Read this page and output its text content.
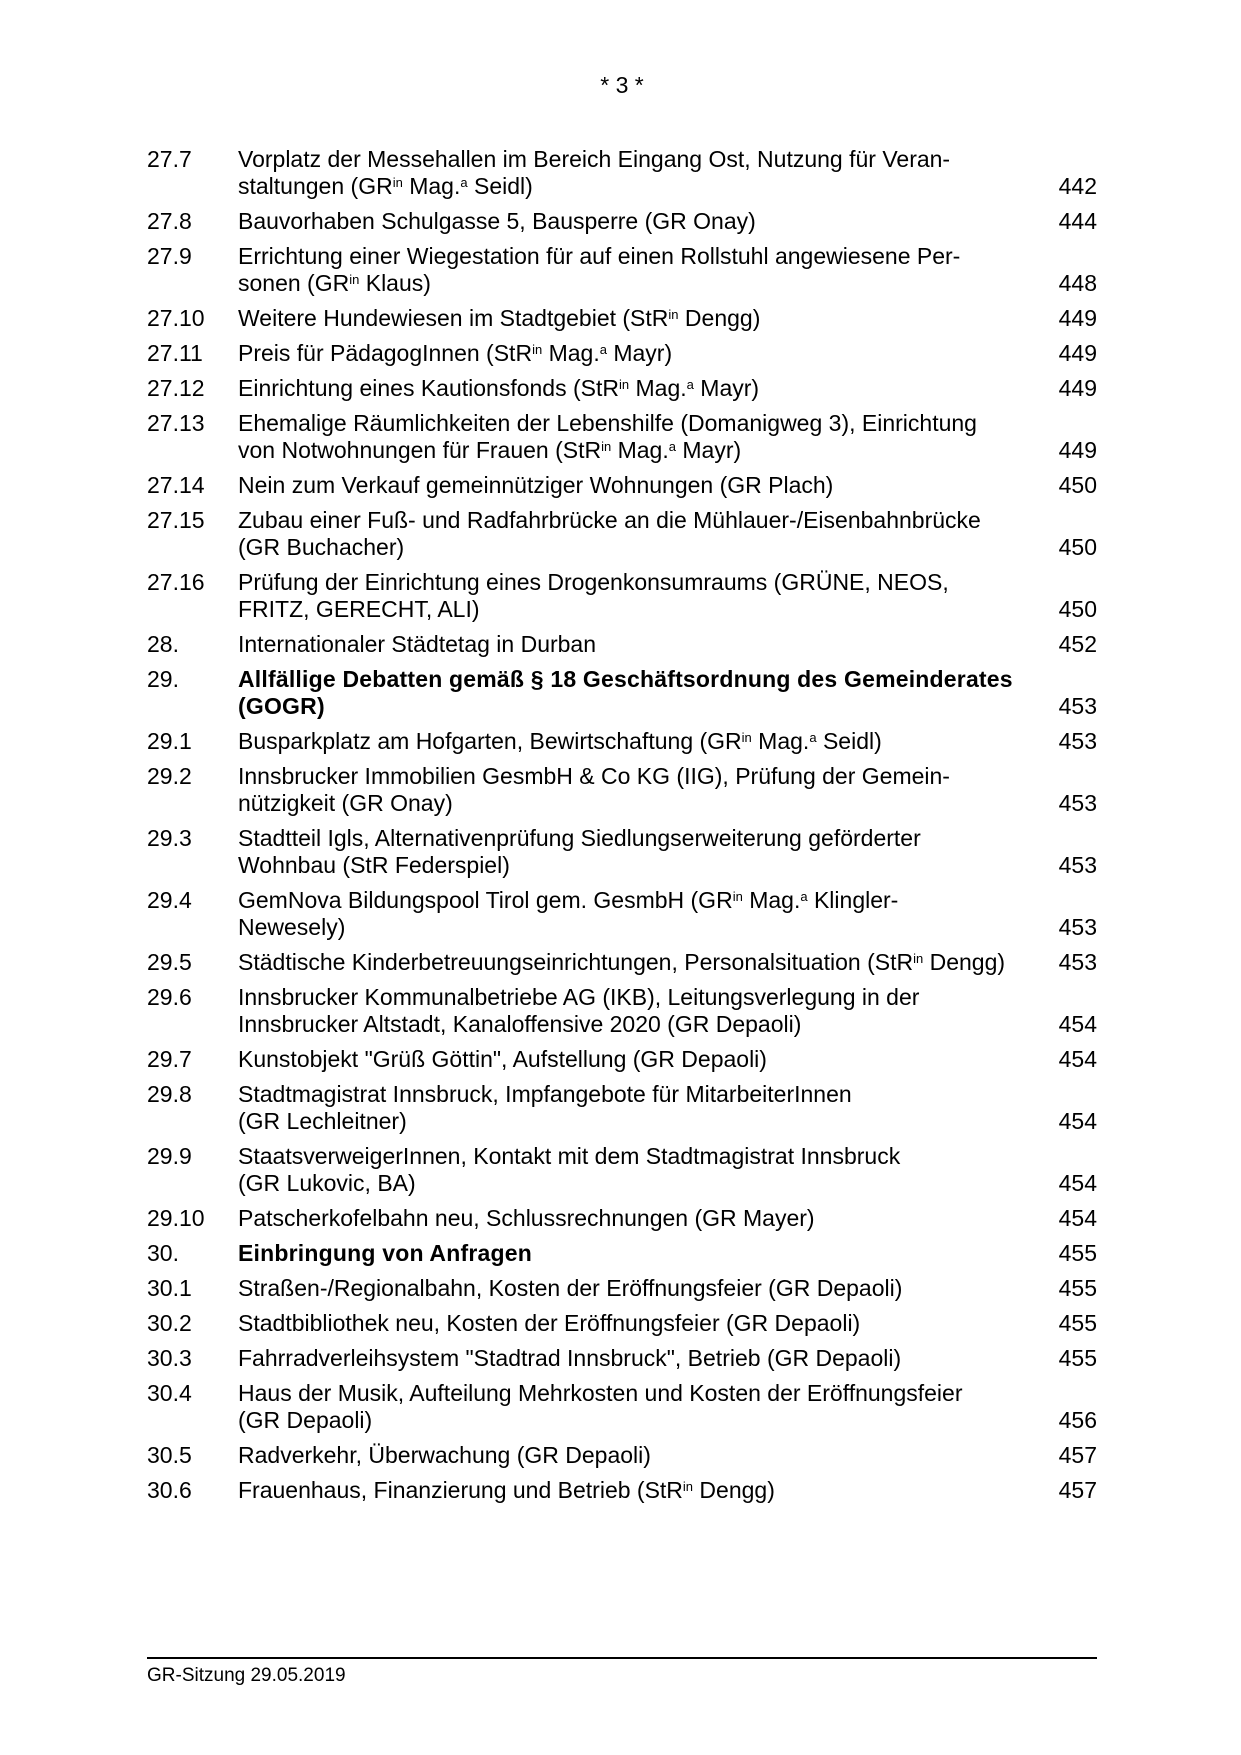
* 3 *
27.7	Vorplatz der Messehallen im Bereich Eingang Ost, Nutzung für Veran-
staltungen ($GR^{in}$ Mag.$^a$ Seidl)	442
27.8	Bauvorhaben Schulgasse 5, Bausperre (GR Onay)	444
27.9	Errichtung einer Wiegestation für auf einen Rollstuhl angewiesene Per-
sonen ($GR^{in}$ Klaus)	448
27.10	Weitere Hundewiesen im Stadtgebiet (StR$^{in}$ Dengg)	449
27.11	Preis für PädagogInnen (StR$^{in}$ Mag.$^a$ Mayr)	449
27.12	Einrichtung eines Kautionsfonds (StR$^{in}$ Mag.$^a$ Mayr)	449
27.13	Ehemalige Räumlichkeiten der Lebenshilfe (Domanigweg 3), Einrichtung
von Notwohnungen für Frauen (StR$^{in}$ Mag.$^a$ Mayr)	449
27.14	Nein zum Verkauf gemeinnütziger Wohnungen (GR Plach)	450
27.15	Zubau einer Fuß- und Radfahrbrücke an die Mühlauer-/Eisenbahnbrücke
(GR Buchacher)	450
27.16	Prüfung der Einrichtung eines Drogenkonsumraums (GRÜNE, NEOS,
FRITZ, GERECHT, ALI)	450
28.	Internationaler Städtetag in Durban	452
29.	Allfällige Debatten gemäß § 18 Geschäftsordnung des Gemeinderates
(GOGR)	453
29.1	Busparkplatz am Hofgarten, Bewirtschaftung ($GR^{in}$ Mag.$^a$ Seidl)	453
29.2	Innsbrucker Immobilien GesmbH & Co KG (IIG), Prüfung der Gemein-
nützigkeit (GR Onay)	453
29.3	Stadtteil Igls, Alternativenprüfung Siedlungserweiterung geförderter
Wohnbau (StR Federspiel)	453
29.4	GemNova Bildungspool Tirol gem. GesmbH ($GR^{in}$ Mag.$^a$ Klingler-
Newesely)	453
29.5	Städtische Kinderbetreuungseinrichtungen, Personalsituation (StR$^{in}$ Dengg)	453
29.6	Innsbrucker Kommunalbetriebe AG (IKB), Leitungsverlegung in der
Innsbrucker Altstadt, Kanaloffensive 2020 (GR Depaoli)	454
29.7	Kunstobjekt "Grüß Göttin", Aufstellung (GR Depaoli)	454
29.8	Stadtmagistrat Innsbruck, Impfangebote für MitarbeiterInnen
(GR Lechleitner)	454
29.9	StaatsverweigerInnen, Kontakt mit dem Stadtmagistrat Innsbruck
(GR Lukovic, BA)	454
29.10	Patscherkofelbahn neu, Schlussrechnungen (GR Mayer)	454
30.	Einbringung von Anfragen	455
30.1	Straßen-/Regionalbahn, Kosten der Eröffnungsfeier (GR Depaoli)	455
30.2	Stadtbibliothek neu, Kosten der Eröffnungsfeier (GR Depaoli)	455
30.3	Fahrradverleihsystem "Stadtrad Innsbruck", Betrieb (GR Depaoli)	455
30.4	Haus der Musik, Aufteilung Mehrkosten und Kosten der Eröffnungsfeier
(GR Depaoli)	456
30.5	Radverkehr, Überwachung (GR Depaoli)	457
30.6	Frauenhaus, Finanzierung und Betrieb (StR$^{in}$ Dengg)	457
GR-Sitzung 29.05.2019
